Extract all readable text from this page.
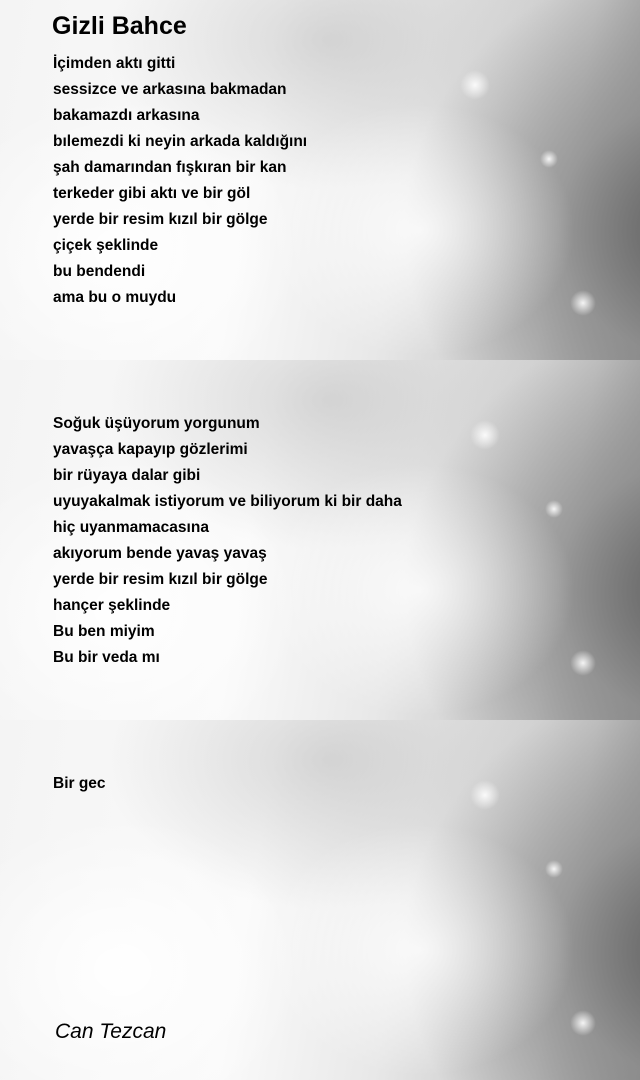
Gizli Bahce
İçimden aktı gitti
sessizce ve arkasına bakmadan
bakamazdı arkasına
bılemezdi ki neyin arkada kaldığını
şah damarından fışkıran bir kan
terkeder gibi aktı ve bir göl
yerde bir resim kızıl bir gölge
çiçek şeklinde
bu bendendi
ama bu o muydu
Soğuk üşüyorum yorgunum
yavaşça kapayıp gözlerimi
bir rüyaya dalar gibi
uyuyakalmak istiyorum ve biliyorum ki bir daha
hiç uyanmamacasına
akıyorum bende yavaş yavaş
yerde bir resim kızıl bir gölge
hançer şeklinde
Bu ben miyim
Bu bir veda mı
Bir gec
Can Tezcan
